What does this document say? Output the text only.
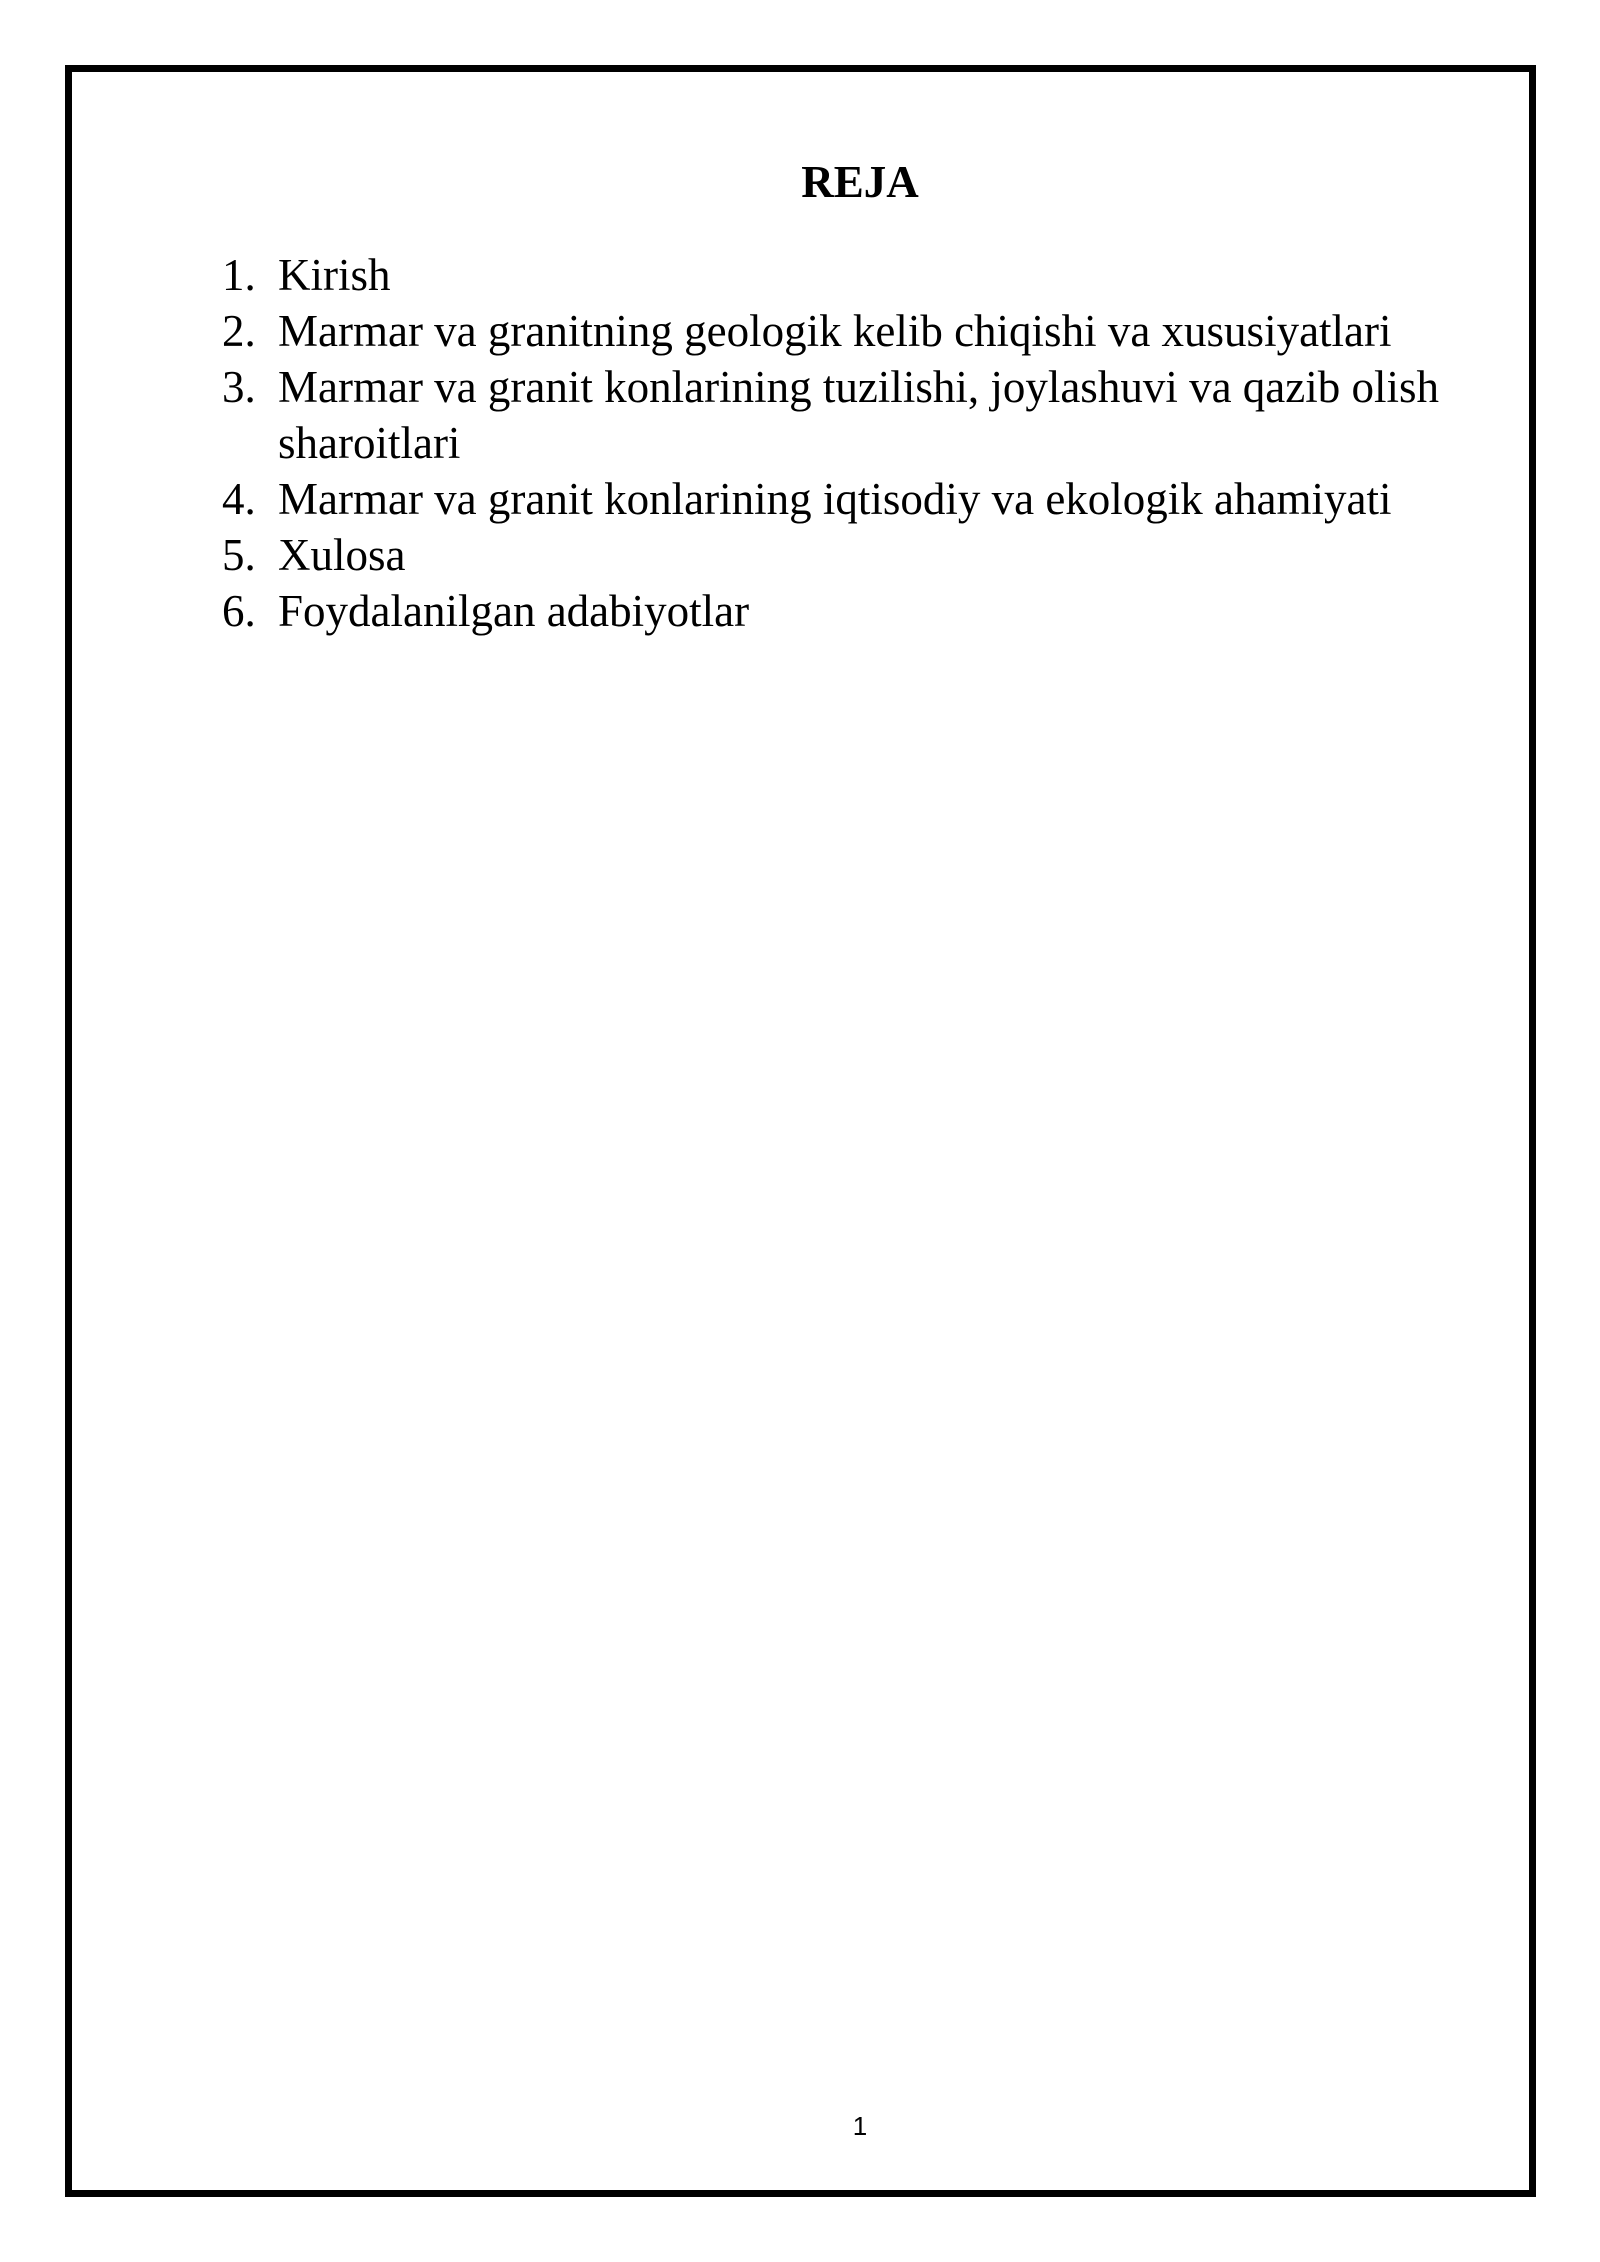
REJA
1. Kirish
2. Marmar va granitning geologik kelib chiqishi va xususiyatlari
3. Marmar va granit konlarining tuzilishi, joylashuvi va qazib olish sharoitlari
4. Marmar va granit konlarining iqtisodiy va ekologik ahamiyati
5. Xulosa
6. Foydalanilgan adabiyotlar
1
